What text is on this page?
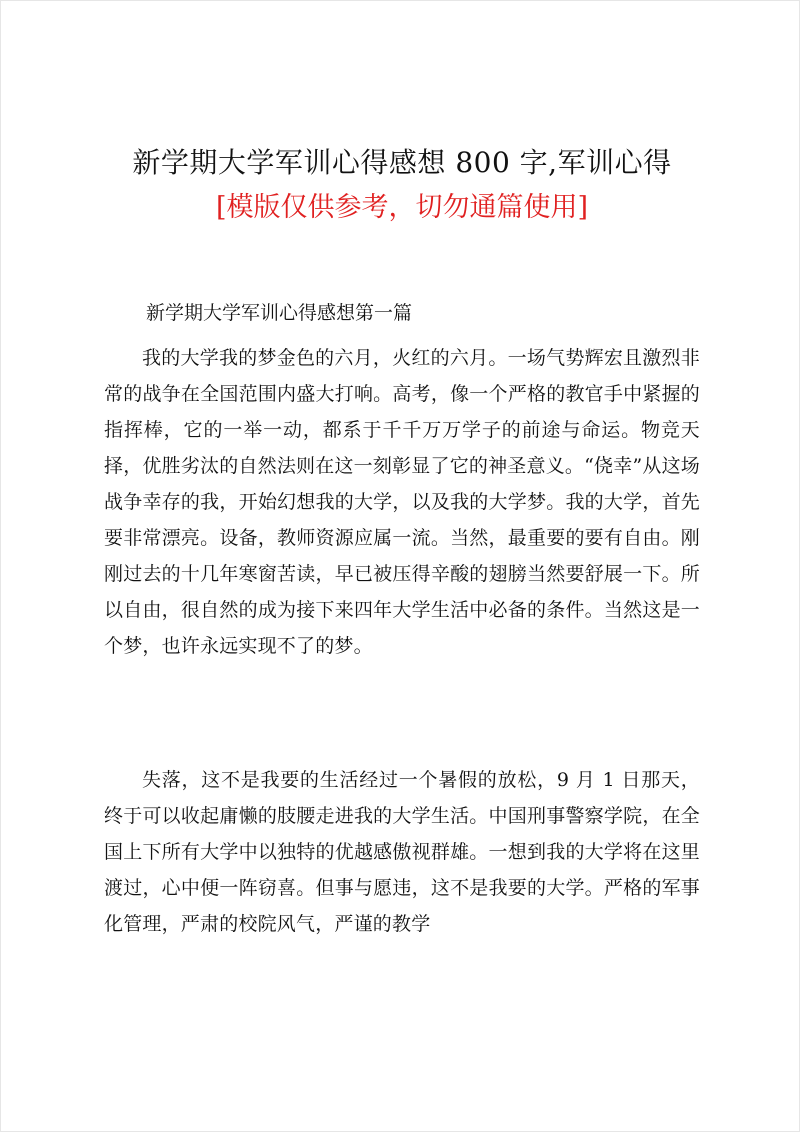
新学期大学军训心得感想 800 字,军训心得
[模版仅供参考，切勿通篇使用]
新学期大学军训心得感想第一篇

我的大学我的梦金色的六月，火红的六月。一场气势辉宏且激烈非常的战争在全国范围内盛大打响。高考，像一个严格的教官手中紧握的指挥棒，它的一举一动，都系于千千万万学子的前途与命运。物竞天择，优胜劣汰的自然法则在这一刻彰显了它的神圣意义。“侥幸”从这场战争幸存的我，开始幻想我的大学，以及我的大学梦。我的大学，首先要非常漂亮。设备，教师资源应属一流。当然，最重要的要有自由。刚刚过去的十几年寒窗苦读，早已被压得辛酸的翅膀当然要舒展一下。所以自由，很自然的成为接下来四年大学生活中必备的条件。当然这是一个梦，也许永远实现不了的梦。

失落，这不是我要的生活经过一个暑假的放松，9 月 1 日那天，终于可以收起庸懒的肢腰走进我的大学生活。中国刑事警察学院，在全国上下所有大学中以独特的优越感傲视群雄。一想到我的大学将在这里渡过，心中便一阵窃喜。但事与愿违，这不是我要的大学。严格的军事化管理，严肃的校院风气，严谨的教学
